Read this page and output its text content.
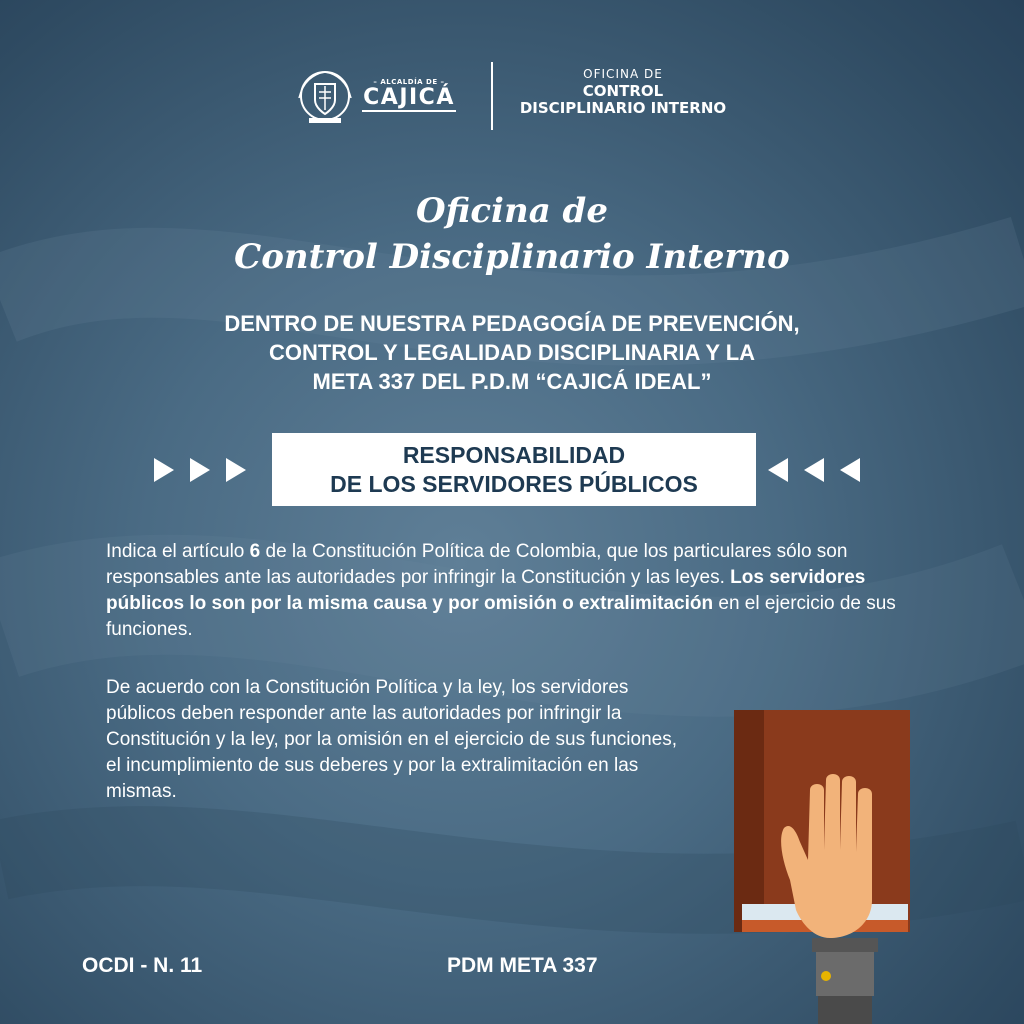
– ALCALDÍA DE –
CAJICÁ
OFICINA DE
CONTROL
DISCIPLINARIO INTERNO
Oficina de
Control Disciplinario Interno
DENTRO DE NUESTRA PEDAGOGÍA DE PREVENCIÓN,
CONTROL Y LEGALIDAD DISCIPLINARIA Y LA
META 337 DEL P.D.M “CAJICÁ IDEAL”
RESPONSABILIDAD
DE LOS SERVIDORES PÚBLICOS

Indica el artículo 6 de la Constitución Política de Colombia, que los particulares sólo son responsables ante las autoridades por infringir la Constitución y las leyes. Los servidores públicos lo son por la misma causa y por omisión o extralimitación en el ejercicio de sus funciones.

De acuerdo con la Constitución Política y la ley, los servidores públicos deben responder ante las autoridades por infringir la Constitución y la ley, por la omisión en el ejercicio de sus funciones, el incumplimiento de sus deberes y por la extralimitación en las mismas.

OCDI - N. 11	PDM META 337
